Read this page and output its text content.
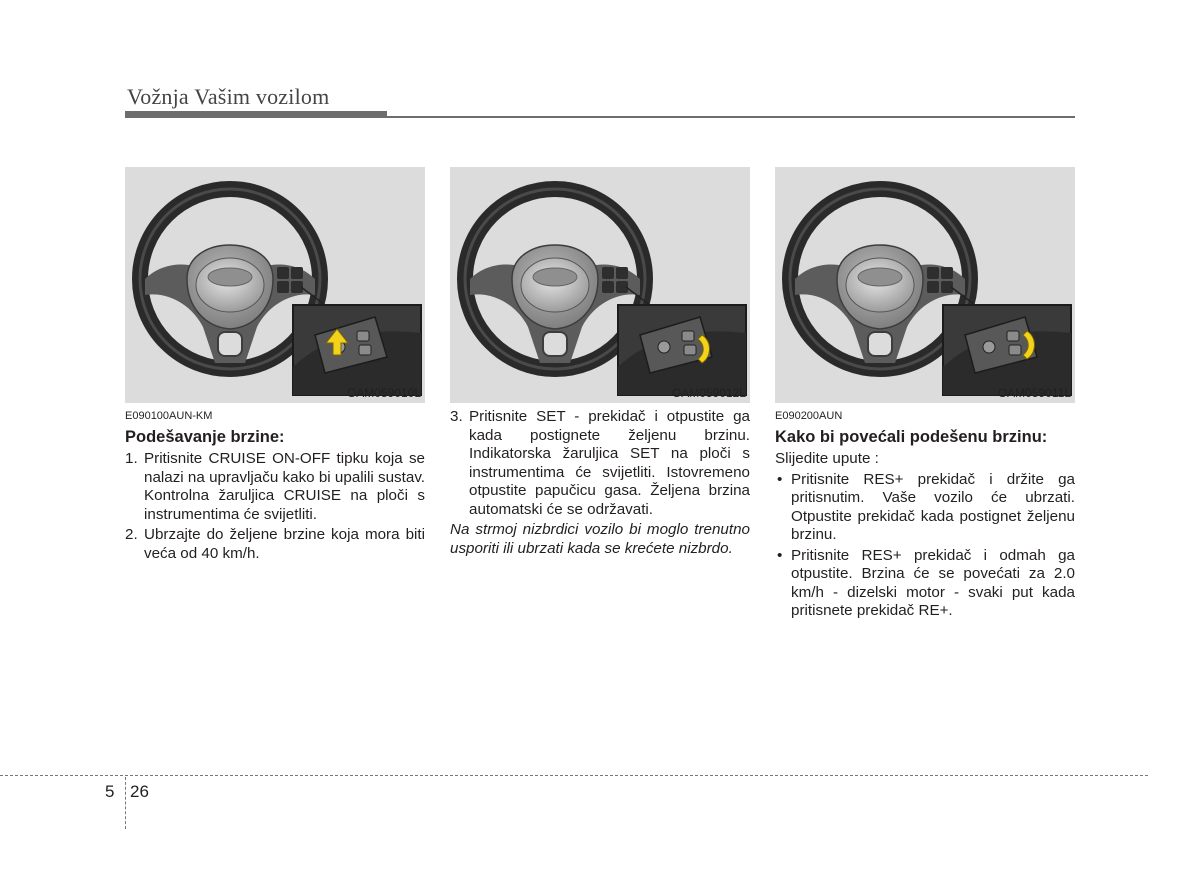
Vožnja Vašim vozilom
OAM059010L	OAM059012L	OAM059011L
E090100AUN-KM
Podešavanje brzine:
1. Pritisnite CRUISE ON-OFF tipku koja se nalazi na upravljaču kako bi upalili sustav. Kontrolna žaruljica CRUISE na ploči s instrumentima će svijetliti.
2. Ubrzajte do željene brzine koja mora biti veća od 40 km/h.
3. Pritisnite SET - prekidač i otpustite ga kada postignete željenu brzinu. Indikatorska žaruljica SET na ploči s instrumentima će svijetliti. Istovremeno otpustite papučicu gasa. Željena brzina automatski će se održavati.
Na strmoj nizbrdici vozilo bi moglo trenutno usporiti ili ubrzati kada se krećete nizbrdo.
E090200AUN
Kako bi povećali podešenu brzinu:
Slijedite upute :
• Pritisnite RES+ prekidač i držite ga pritisnutim. Vaše vozilo će ubrzati. Otpustite prekidač kada postignet željenu brzinu.
• Pritisnite RES+ prekidač i odmah ga otpustite. Brzina će se povećati za 2.0 km/h - dizelski motor - svaki put kada pritisnete prekidač RE+.
5 26
